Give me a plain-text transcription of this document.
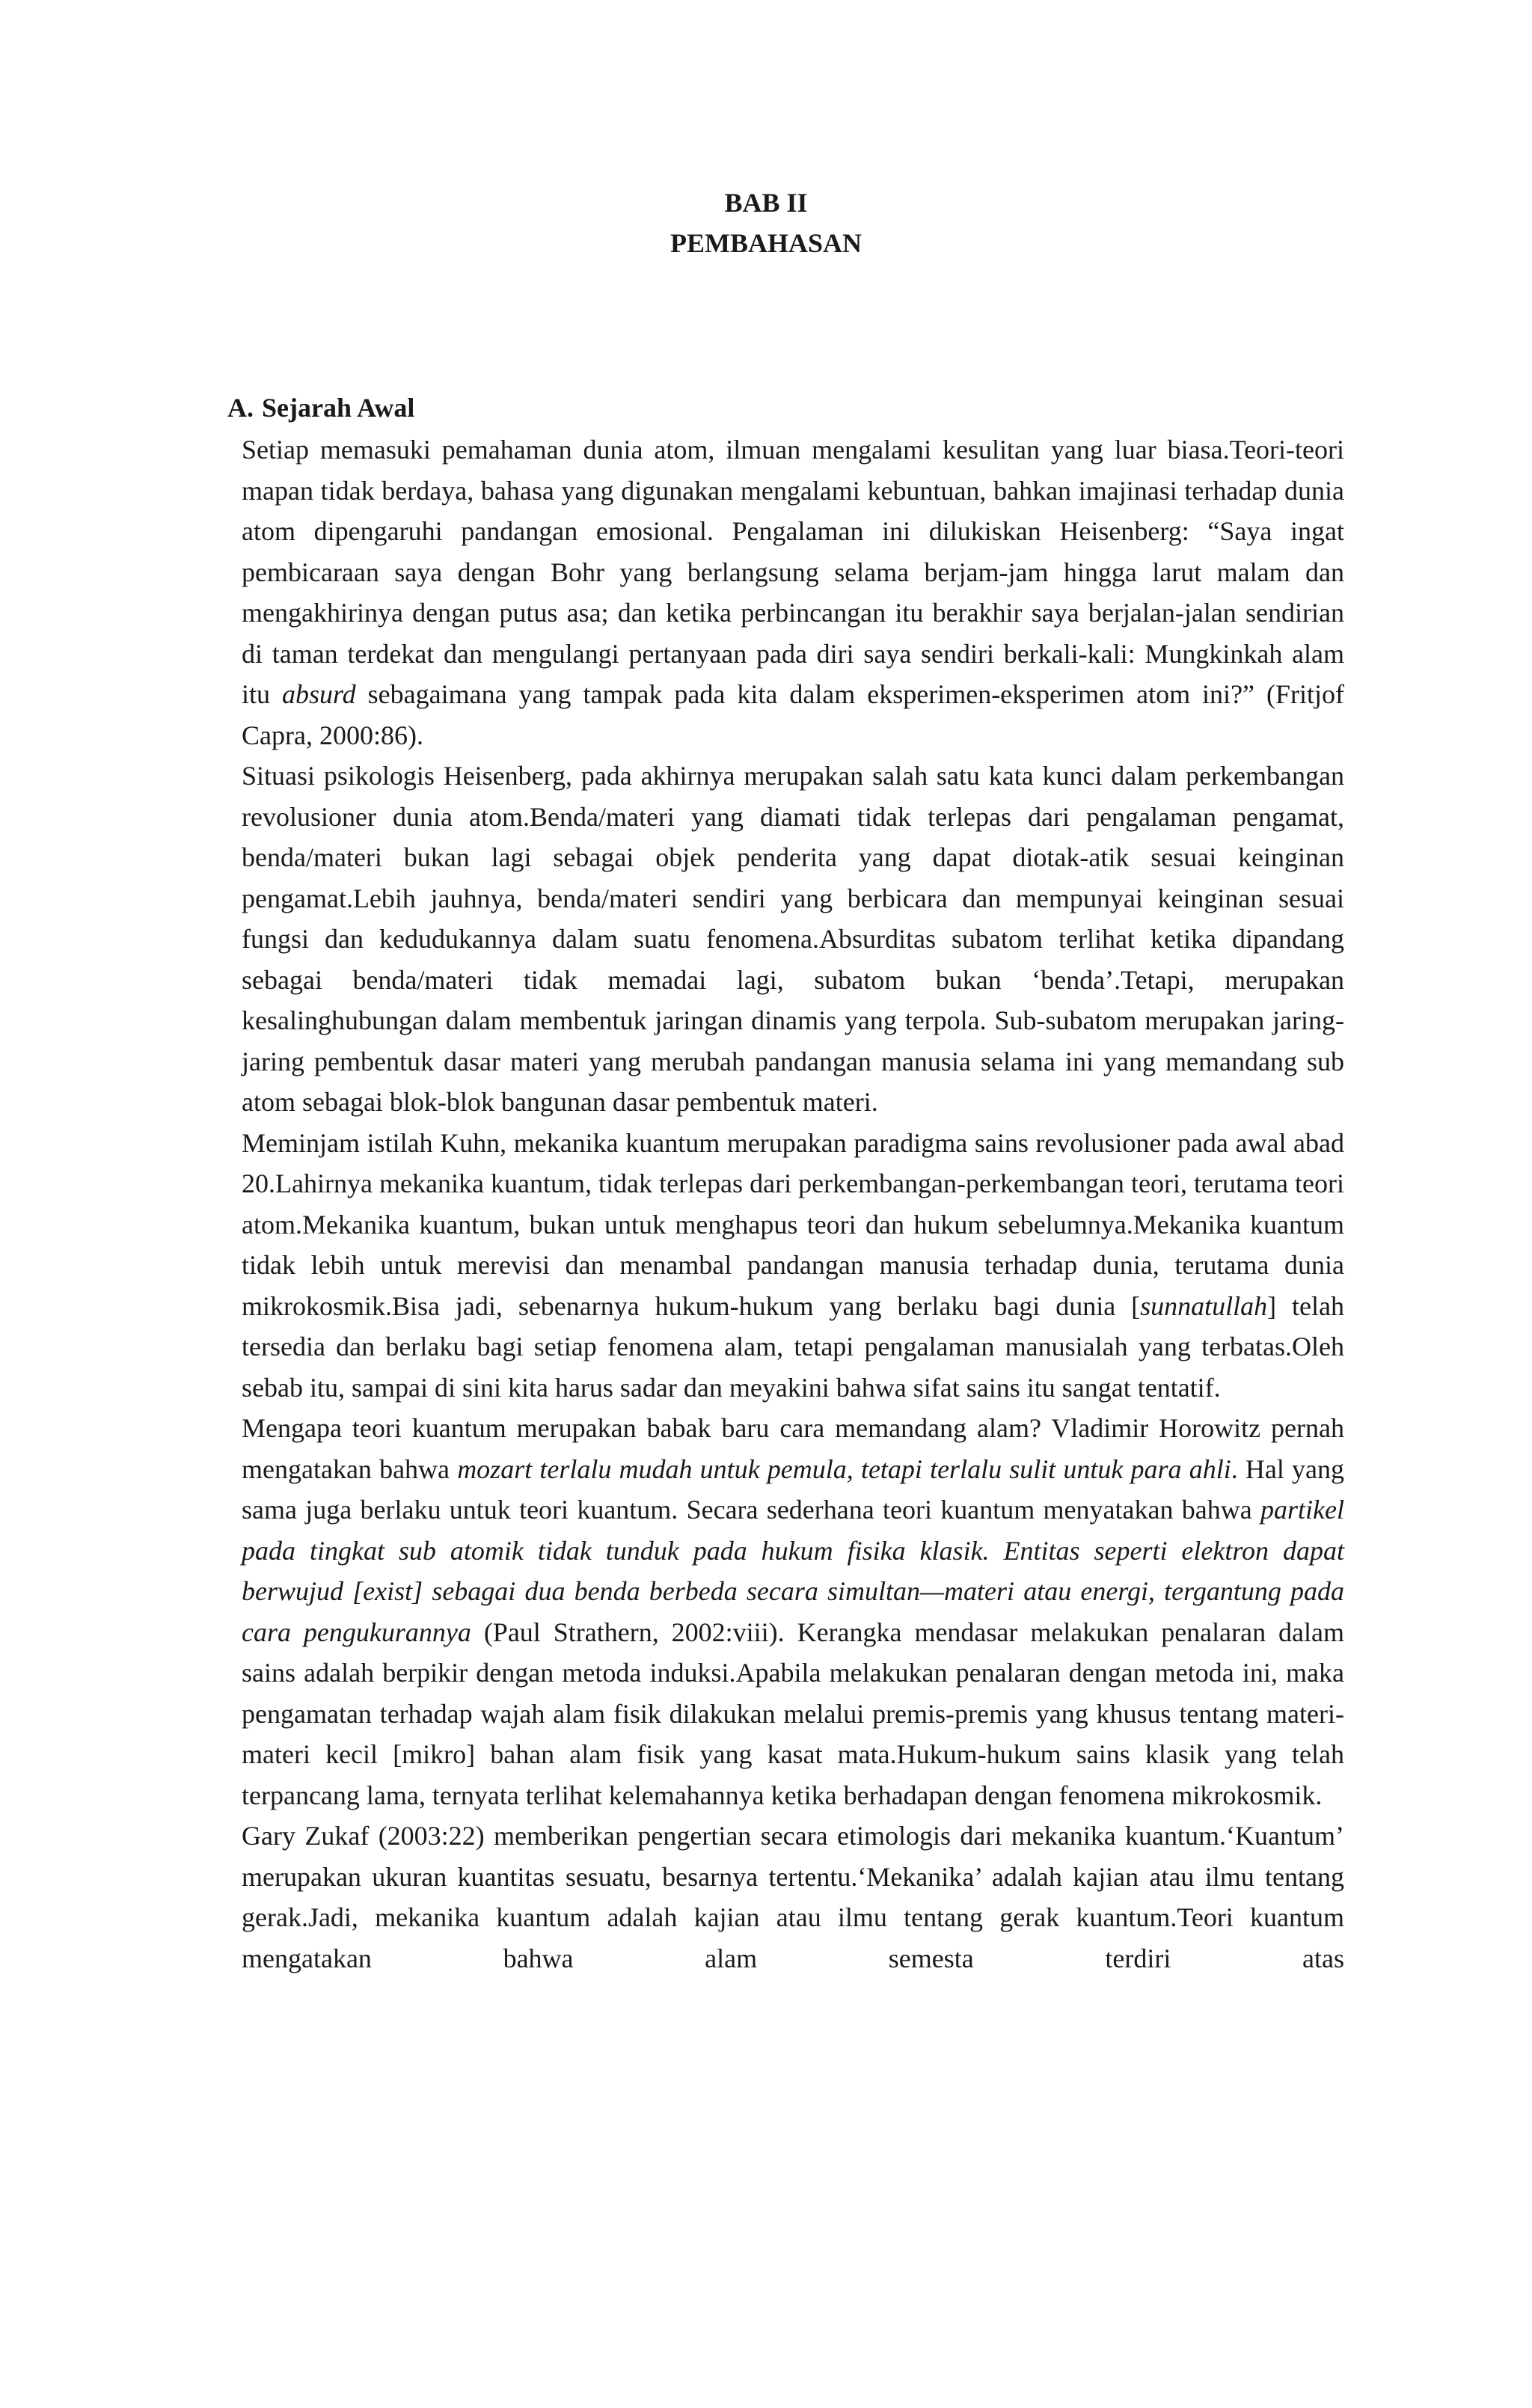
BAB II
PEMBAHASAN
A. Sejarah Awal

Setiap memasuki pemahaman dunia atom, ilmuan mengalami kesulitan yang luar biasa.Teori-teori mapan tidak berdaya, bahasa yang digunakan mengalami kebuntuan, bahkan imajinasi terhadap dunia atom dipengaruhi pandangan emosional. Pengalaman ini dilukiskan Heisenberg: “Saya ingat pembicaraan saya dengan Bohr yang berlangsung selama berjam-jam hingga larut malam dan mengakhirinya dengan putus asa; dan ketika perbincangan itu berakhir saya berjalan-jalan sendirian di taman terdekat dan mengulangi pertanyaan pada diri saya sendiri berkali-kali: Mungkinkah alam itu absurd sebagaimana yang tampak pada kita dalam eksperimen-eksperimen atom ini?” (Fritjof Capra, 2000:86).

Situasi psikologis Heisenberg, pada akhirnya merupakan salah satu kata kunci dalam perkembangan revolusioner dunia atom.Benda/materi yang diamati tidak terlepas dari pengalaman pengamat, benda/materi bukan lagi sebagai objek penderita yang dapat diotak-atik sesuai keinginan pengamat.Lebih jauhnya, benda/materi sendiri yang berbicara dan mempunyai keinginan sesuai fungsi dan kedudukannya dalam suatu fenomena.Absurditas subatom terlihat ketika dipandang sebagai benda/materi tidak memadai lagi, subatom bukan ‘benda’.Tetapi, merupakan kesalinghubungan dalam membentuk jaringan dinamis yang terpola. Sub-subatom merupakan jaring-jaring pembentuk dasar materi yang merubah pandangan manusia selama ini yang memandang sub atom sebagai blok-blok bangunan dasar pembentuk materi.

Meminjam istilah Kuhn, mekanika kuantum merupakan paradigma sains revolusioner pada awal abad 20.Lahirnya mekanika kuantum, tidak terlepas dari perkembangan-perkembangan teori, terutama teori atom.Mekanika kuantum, bukan untuk menghapus teori dan hukum sebelumnya.Mekanika kuantum tidak lebih untuk merevisi dan menambal pandangan manusia terhadap dunia, terutama dunia mikrokosmik.Bisa jadi, sebenarnya hukum-hukum yang berlaku bagi dunia [sunnatullah] telah tersedia dan berlaku bagi setiap fenomena alam, tetapi pengalaman manusialah yang terbatas.Oleh sebab itu, sampai di sini kita harus sadar dan meyakini bahwa sifat sains itu sangat tentatif.

Mengapa teori kuantum merupakan babak baru cara memandang alam? Vladimir Horowitz pernah mengatakan bahwa mozart terlalu mudah untuk pemula, tetapi terlalu sulit untuk para ahli. Hal yang sama juga berlaku untuk teori kuantum. Secara sederhana teori kuantum menyatakan bahwa partikel pada tingkat sub atomik tidak tunduk pada hukum fisika klasik. Entitas seperti elektron dapat berwujud [exist] sebagai dua benda berbeda secara simultan—materi atau energi, tergantung pada cara pengukurannya (Paul Strathern, 2002:viii). Kerangka mendasar melakukan penalaran dalam sains adalah berpikir dengan metoda induksi.Apabila melakukan penalaran dengan metoda ini, maka pengamatan terhadap wajah alam fisik dilakukan melalui premis-premis yang khusus tentang materi-materi kecil [mikro] bahan alam fisik yang kasat mata.Hukum-hukum sains klasik yang telah terpancang lama, ternyata terlihat kelemahannya ketika berhadapan dengan fenomena mikrokosmik.

Gary Zukaf (2003:22) memberikan pengertian secara etimologis dari mekanika kuantum.‘Kuantum’ merupakan ukuran kuantitas sesuatu, besarnya tertentu.‘Mekanika’ adalah kajian atau ilmu tentang gerak.Jadi, mekanika kuantum adalah kajian atau ilmu tentang gerak kuantum.Teori kuantum mengatakan bahwa alam semesta terdiri atas
